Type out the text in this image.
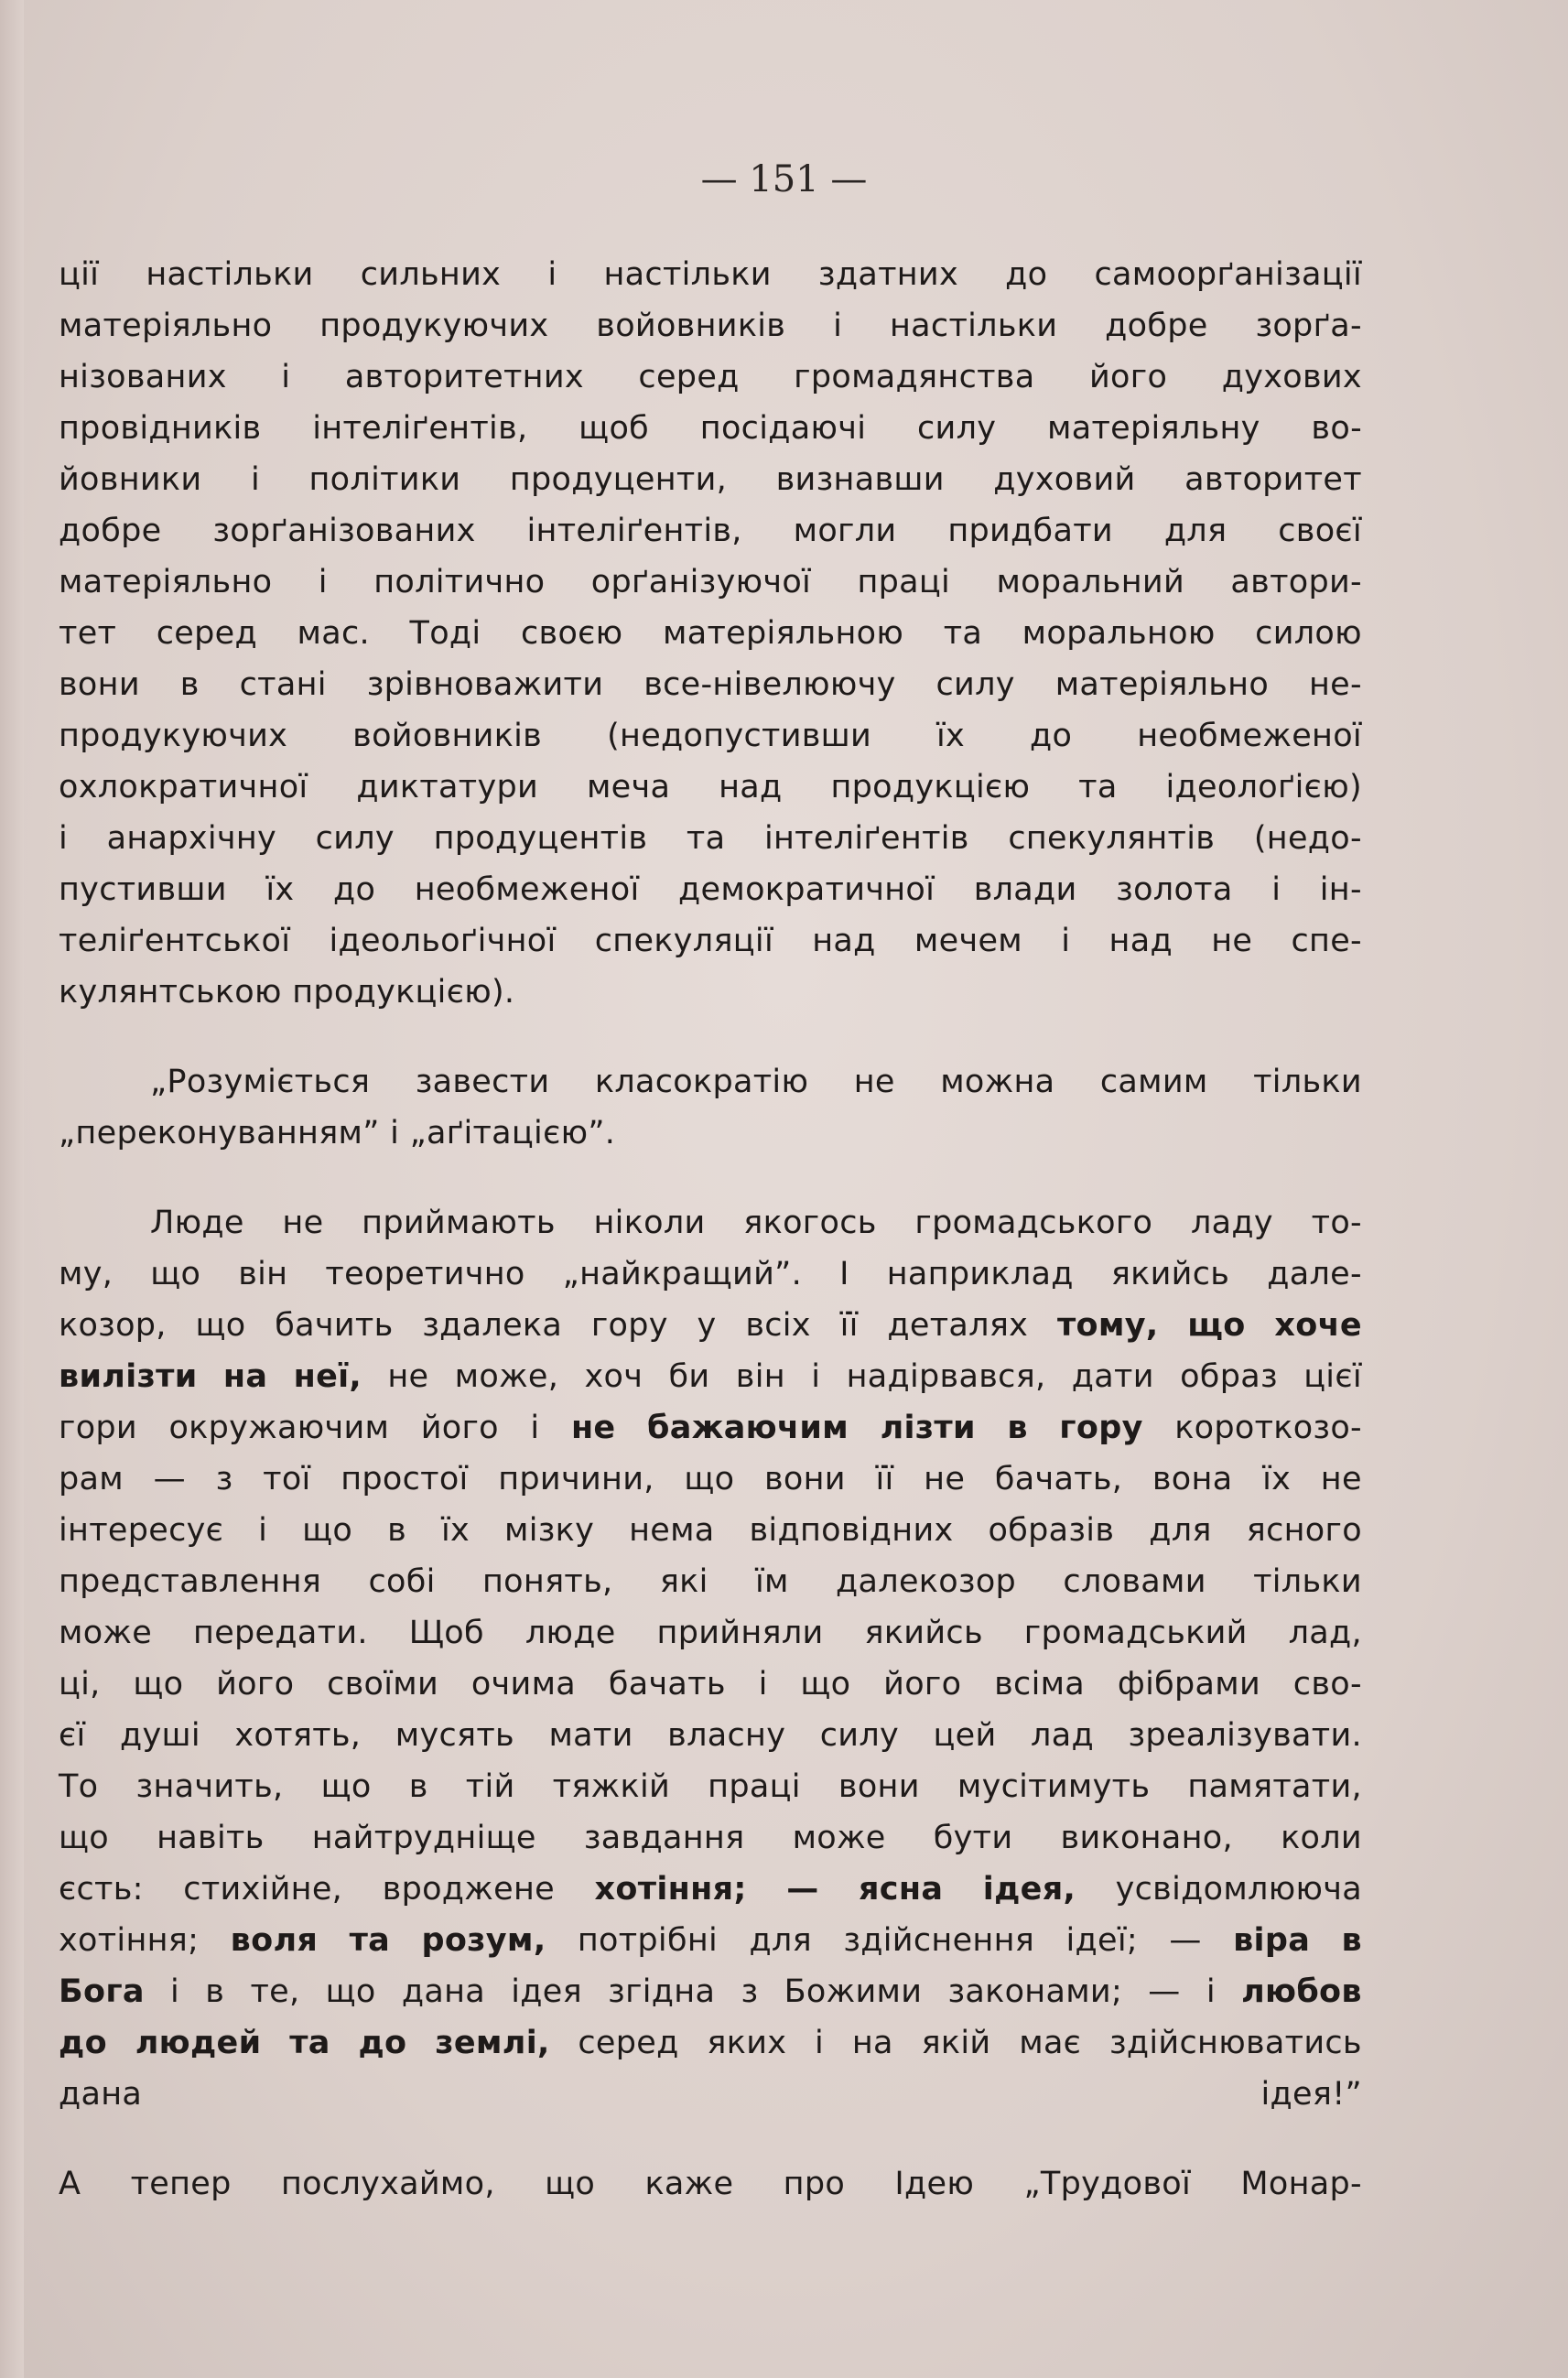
— 151 —
ції настільки сильних і настільки здатних до самоорґанізації
матеріяльно продукуючих войовників і настільки добре зорґа-
нізованих і авторитетних серед громадянства його духових
провідників інтеліґентів, щоб посідаючі силу матеріяльну во-
йовники і політики продуценти, визнавши духовий авторитет
добре зорґанізованих інтеліґентів, могли придбати для своєї
матеріяльно і політично орґанізуючої праці моральний автори-
тет серед мас. Тоді своєю матеріяльною та моральною силою
вони в стані зрівноважити все-нівелюючу силу матеріяльно не-
продукуючих войовників (недопустивши їх до необмеженої
охлократичної диктатури меча над продукцією та ідеолоґією)
і анархічну силу продуцентів та інтеліґентів спекулянтів (недо-
пустивши їх до необмеженої демократичної влади золота і ін-
теліґентської ідеольоґічної спекуляції над мечем і над не спе-
кулянтською
продукцією).
„Розуміється завести класократію не можна самим тільки
„переконуванням”
і
„аґітацією”.
Люде не приймають ніколи якогось громадського ладу то-
му, що він теоретично „найкращий”. І наприклад якийсь дале-
козор, що бачить здалека гору у всіх її деталях тому, що хоче
вилізти на неї, не може, хоч би він і надірвався, дати образ цієї
гори окружаючим його і не бажаючим лізти в гору короткозо-
рам — з тої простої причини, що вони її не бачать, вона їх не
інтересує і що в їх мізку нема відповідних образів для ясного
представлення собі понять, які їм далекозор словами тільки
може передати. Щоб люде прийняли якийсь громадський лад,
ці, що його своїми очима бачать і що його всіма фібрами сво-
єї душі хотять, мусять мати власну силу цей лад зреалізувати.
То значить, що в тій тяжкій праці вони мусітимуть памятати,
що навіть найтрудніще завдання може бути виконано, коли
єсть: стихійне, вроджене хотіння; — ясна ідея, усвідомлююча
хотіння; воля та розум, потрібні для здійснення ідеї; — віра в
Бога і в те, що дана ідея згідна з Божими законами; — і любов
до людей та до землі, серед яких і на якій має здійснюватись
дана	ідея!”
А тепер послухаймо, що каже про Ідею „Трудової Монар-
